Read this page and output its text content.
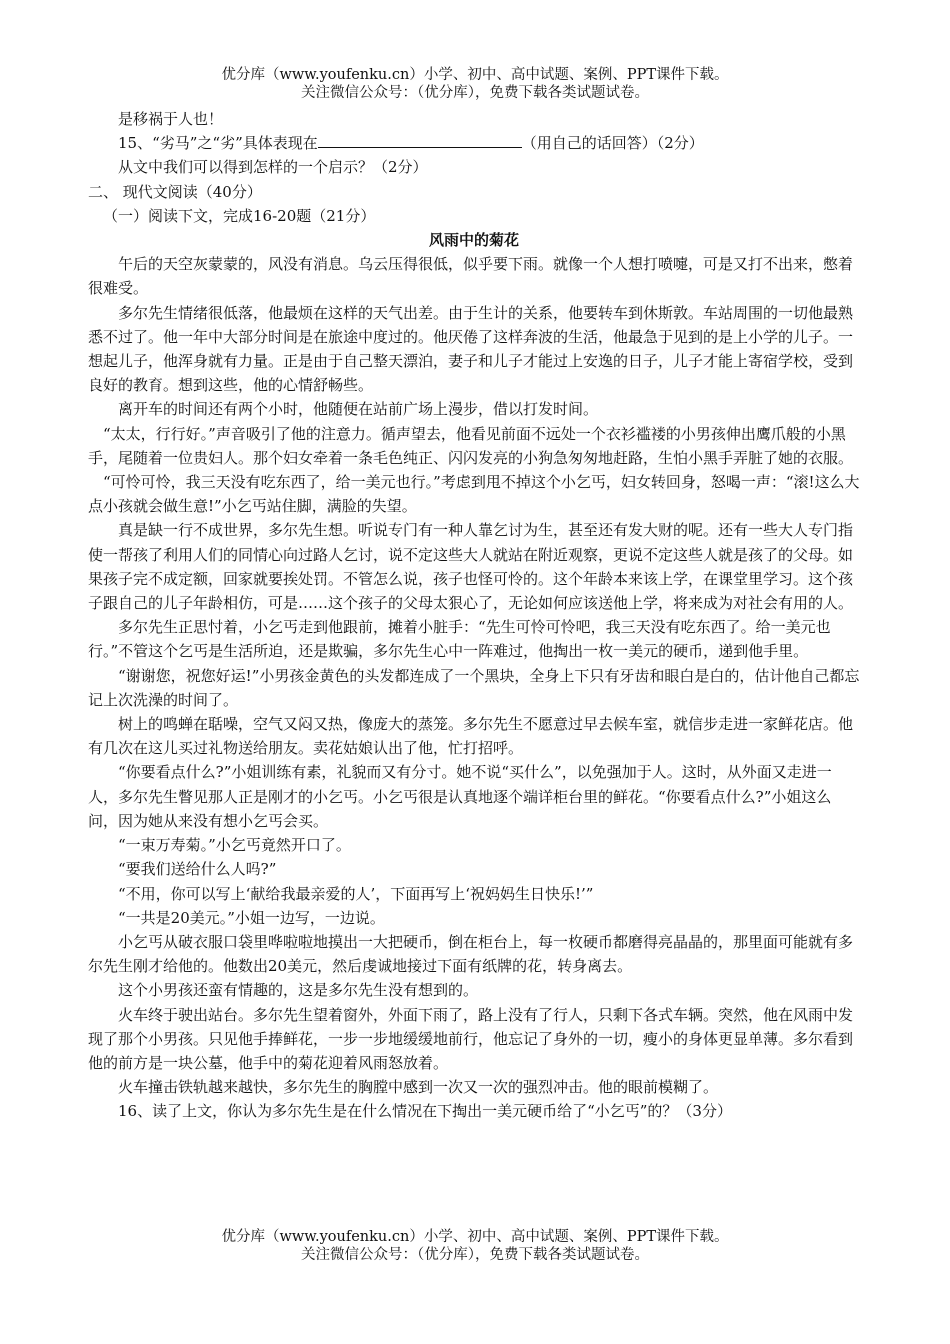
优分库（www.youfenku.cn）小学、初中、高中试题、案例、PPT课件下载。
关注微信公众号：（优分库），免费下载各类试题试卷。

是移祸于人也！

15、“劣马”之“劣”具体表现在	（用自己的话回答）（2分）

从文中我们可以得到怎样的一个启示？（2分）

二、 现代文阅读（40分）

（一）阅读下文，完成16-20题（21分）

风雨中的菊花

午后的天空灰蒙蒙的，风没有消息。乌云压得很低，似乎要下雨。就像一个人想打喷嚏，可是又打不出来，憋着很难受。

多尔先生情绪很低落，他最烦在这样的天气出差。由于生计的关系，他要转车到休斯敦。车站周围的一切他最熟悉不过了。他一年中大部分时间是在旅途中度过的。他厌倦了这样奔波的生活，他最急于见到的是上小学的儿子。一想起儿子，他浑身就有力量。正是由于自己整天漂泊，妻子和儿子才能过上安逸的日子，儿子才能上寄宿学校，受到良好的教育。想到这些，他的心情舒畅些。

离开车的时间还有两个小时，他随便在站前广场上漫步，借以打发时间。

“太太，行行好。”声音吸引了他的注意力。循声望去，他看见前面不远处一个衣衫褴褛的小男孩伸出鹰爪般的小黑手，尾随着一位贵妇人。那个妇女牵着一条毛色纯正、闪闪发亮的小狗急匆匆地赶路，生怕小黑手弄脏了她的衣服。

“可怜可怜，我三天没有吃东西了，给一美元也行。”考虑到甩不掉这个小乞丐，妇女转回身，怒喝一声：“滚!这么大点小孩就会做生意!”小乞丐站住脚，满脸的失望。

真是缺一行不成世界，多尔先生想。听说专门有一种人靠乞讨为生，甚至还有发大财的呢。还有一些大人专门指使一帮孩了利用人们的同情心向过路人乞讨，说不定这些大人就站在附近观察，更说不定这些人就是孩了的父母。如果孩子完不成定额，回家就要挨处罚。不管怎么说，孩子也怪可怜的。这个年龄本来该上学，在课堂里学习。这个孩子跟自己的儿子年龄相仿，可是……这个孩子的父母太狠心了，无论如何应该送他上学，将来成为对社会有用的人。

多尔先生正思忖着，小乞丐走到他跟前，摊着小脏手：“先生可怜可怜吧，我三天没有吃东西了。给一美元也行。”不管这个乞丐是生活所迫，还是欺骗，多尔先生心中一阵难过，他掏出一枚一美元的硬币，递到他手里。

“谢谢您，祝您好运!”小男孩金黄色的头发都连成了一个黑块，全身上下只有牙齿和眼白是白的，估计他自己都忘记上次洗澡的时间了。

树上的鸣蝉在聒噪，空气又闷又热，像庞大的蒸笼。多尔先生不愿意过早去候车室，就信步走进一家鲜花店。他有几次在这儿买过礼物送给朋友。卖花姑娘认出了他，忙打招呼。

“你要看点什么?”小姐训练有素，礼貌而又有分寸。她不说“买什么”，以免强加于人。这时，从外面又走进一人，多尔先生瞥见那人正是刚才的小乞丐。小乞丐很是认真地逐个端详柜台里的鲜花。“你要看点什么?”小姐这么问，因为她从来没有想小乞丐会买。

“一束万寿菊。”小乞丐竟然开口了。

“要我们送给什么人吗?”

“不用，你可以写上‘献给我最亲爱的人’，下面再写上‘祝妈妈生日快乐!’”

“一共是20美元。”小姐一边写，一边说。

小乞丐从破衣服口袋里哗啦啦地摸出一大把硬币，倒在柜台上，每一枚硬币都磨得亮晶晶的，那里面可能就有多尔先生刚才给他的。他数出20美元，然后虔诚地接过下面有纸牌的花，转身离去。

这个小男孩还蛮有情趣的，这是多尔先生没有想到的。

火车终于驶出站台。多尔先生望着窗外，外面下雨了，路上没有了行人，只剩下各式车辆。突然，他在风雨中发现了那个小男孩。只见他手捧鲜花，一步一步地缓缓地前行，他忘记了身外的一切，瘦小的身体更显单薄。多尔看到他的前方是一块公墓，他手中的菊花迎着风雨怒放着。

火车撞击铁轨越来越快，多尔先生的胸膛中感到一次又一次的强烈冲击。他的眼前模糊了。

16、读了上文，你认为多尔先生是在什么情况在下掏出一美元硬币给了“小乞丐”的？（3分）

优分库（www.youfenku.cn）小学、初中、高中试题、案例、PPT课件下载。
关注微信公众号：（优分库），免费下载各类试题试卷。
